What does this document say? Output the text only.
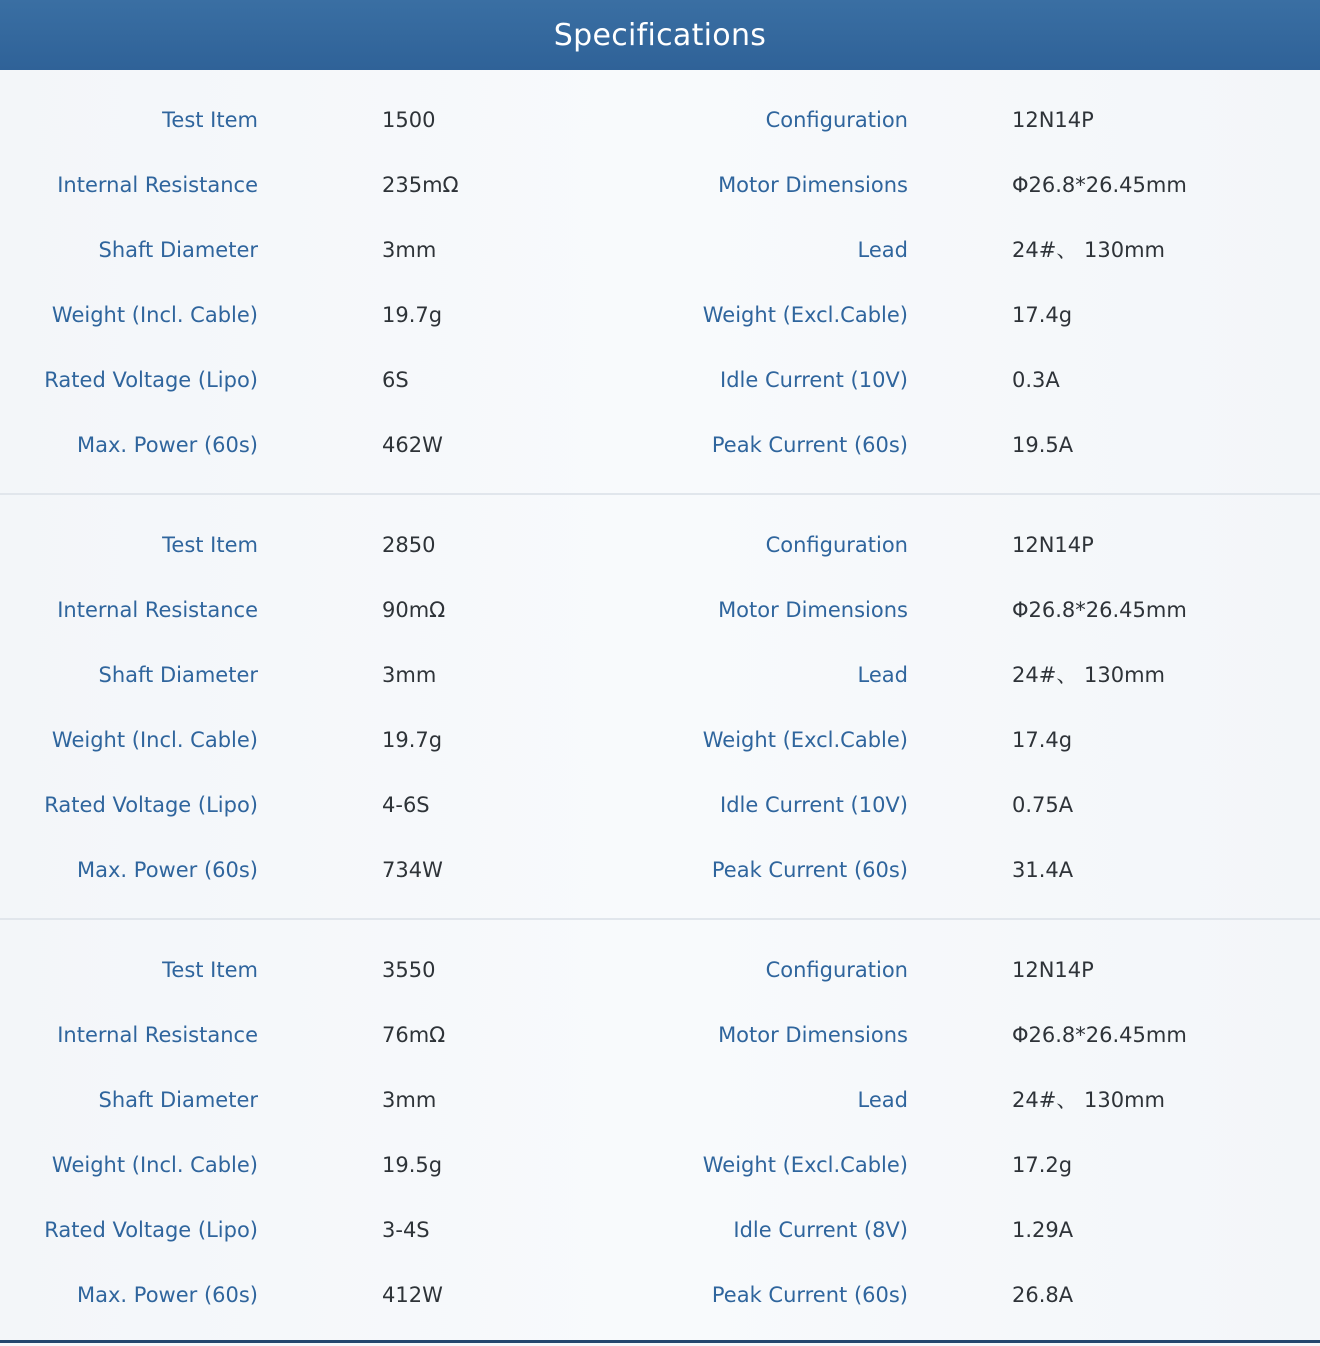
Specifications
Test Item	1500	Configuration	12N14P
Internal Resistance	235mΩ	Motor Dimensions	Φ26.8*26.45mm
Shaft Diameter	3mm	Lead	24#、 130mm
Weight (Incl. Cable)	19.7g	Weight (Excl.Cable)	17.4g
Rated Voltage (Lipo)	6S	Idle Current (10V)	0.3A
Max. Power (60s)	462W	Peak Current (60s)	19.5A
Test Item	2850	Configuration	12N14P
Internal Resistance	90mΩ	Motor Dimensions	Φ26.8*26.45mm
Shaft Diameter	3mm	Lead	24#、 130mm
Weight (Incl. Cable)	19.7g	Weight (Excl.Cable)	17.4g
Rated Voltage (Lipo)	4-6S	Idle Current (10V)	0.75A
Max. Power (60s)	734W	Peak Current (60s)	31.4A
Test Item	3550	Configuration	12N14P
Internal Resistance	76mΩ	Motor Dimensions	Φ26.8*26.45mm
Shaft Diameter	3mm	Lead	24#、 130mm
Weight (Incl. Cable)	19.5g	Weight (Excl.Cable)	17.2g
Rated Voltage (Lipo)	3-4S	Idle Current (8V)	1.29A
Max. Power (60s)	412W	Peak Current (60s)	26.8A
